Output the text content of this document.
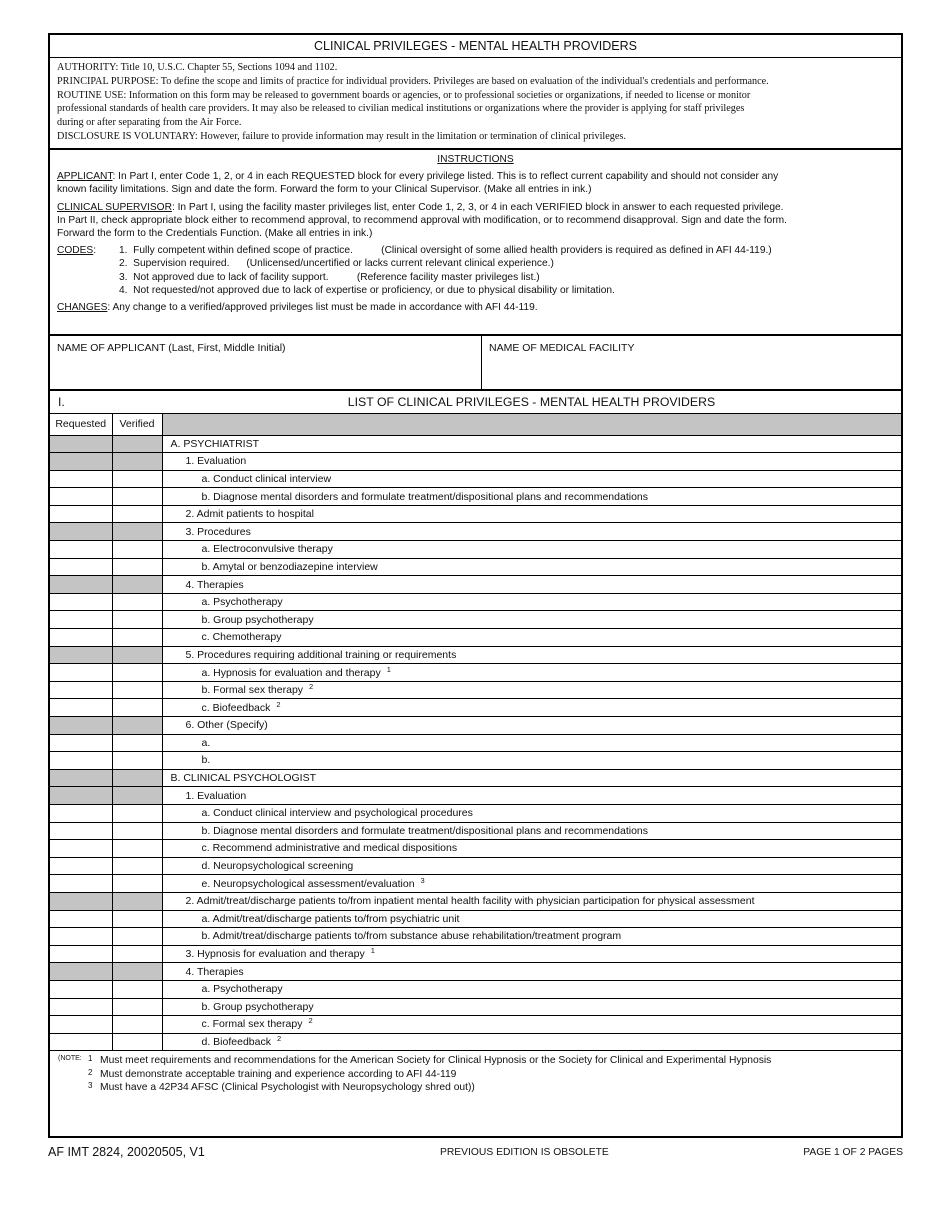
CLINICAL PRIVILEGES - MENTAL HEALTH PROVIDERS

AUTHORITY: Title 10, U.S.C. Chapter 55, Sections 1094 and 1102.

PRINCIPAL PURPOSE: To define the scope and limits of practice for individual providers. Privileges are based on evaluation of the individual's credentials and performance.

ROUTINE USE: Information on this form may be released to government boards or agencies, or to professional societies or organizations, if needed to license or monitor

professional standards of health care providers. It may also be released to civilian medical institutions or organizations where the provider is applying for staff privileges

during or after separating from the Air Force.

DISCLOSURE IS VOLUNTARY: However, failure to provide information may result in the limitation or termination of clinical privileges.

INSTRUCTIONS

APPLICANT: In Part I, enter Code 1, 2, or 4 in each REQUESTED block for every privilege listed. This is to reflect current capability and should not consider any

known facility limitations. Sign and date the form. Forward the form to your Clinical Supervisor. (Make all entries in ink.)

CLINICAL SUPERVISOR: In Part I, using the facility master privileges list, enter Code 1, 2, 3, or 4 in each VERIFIED block in answer to each requested privilege.

In Part II, check appropriate block either to recommend approval, to recommend approval with modification, or to recommend disapproval. Sign and date the form.

Forward the form to the Credentials Function. (Make all entries in ink.)

CODES:	1.  Fully competent within defined scope of practice.          (Clinical oversight of some allied health providers is required as defined in AFI 44-119.)
2.  Supervision required.      (Unlicensed/uncertified or lacks current relevant clinical experience.)
3.  Not approved due to lack of facility support.          (Reference facility master privileges list.)
4.  Not requested/not approved due to lack of expertise or proficiency, or due to physical disability or limitation.

CHANGES: Any change to a verified/approved privileges list must be made in accordance with AFI 44-119.

NAME OF APPLICANT (Last, First, Middle Initial)	NAME OF MEDICAL FACILITY
I.	LIST OF CLINICAL PRIVILEGES - MENTAL HEALTH PROVIDERS
Requested	Verified	
		A. PSYCHIATRIST
		1. Evaluation
		a. Conduct clinical interview
		b. Diagnose mental disorders and formulate treatment/dispositional plans and recommendations
		2. Admit patients to hospital
		3. Procedures
		a. Electroconvulsive therapy
		b. Amytal or benzodiazepine interview
		4. Therapies
		a. Psychotherapy
		b. Group psychotherapy
		c. Chemotherapy
		5. Procedures requiring additional training or requirements
		a. Hypnosis for evaluation and therapy $^1$
		b. Formal sex therapy $^2$
		c. Biofeedback $^2$
		6. Other (Specify)
		a.
		b.
		B. CLINICAL PSYCHOLOGIST
		1. Evaluation
		a. Conduct clinical interview and psychological procedures
		b. Diagnose mental disorders and formulate treatment/dispositional plans and recommendations
		c. Recommend administrative and medical dispositions
		d. Neuropsychological screening
		e. Neuropsychological assessment/evaluation $^3$
		2. Admit/treat/discharge patients to/from inpatient mental health facility with physician participation for physical assessment
		a. Admit/treat/discharge patients to/from psychiatric unit
		b. Admit/treat/discharge patients to/from substance abuse rehabilitation/treatment program
		3. Hypnosis for evaluation and therapy $^1$
		4. Therapies
		a. Psychotherapy
		b. Group psychotherapy
		c. Formal sex therapy $^2$
		d. Biofeedback $^2$
(NOTE: 1 Must meet requirements and recommendations for the American Society for Clinical Hypnosis or the Society for Clinical and Experimental Hypnosis
2 Must demonstrate acceptable training and experience according to AFI 44-119
3 Must have a 42P34 AFSC (Clinical Psychologist with Neuropsychology shred out))
AF IMT 2824, 20020505, V1	PREVIOUS EDITION IS OBSOLETE	PAGE 1 OF 2 PAGES
